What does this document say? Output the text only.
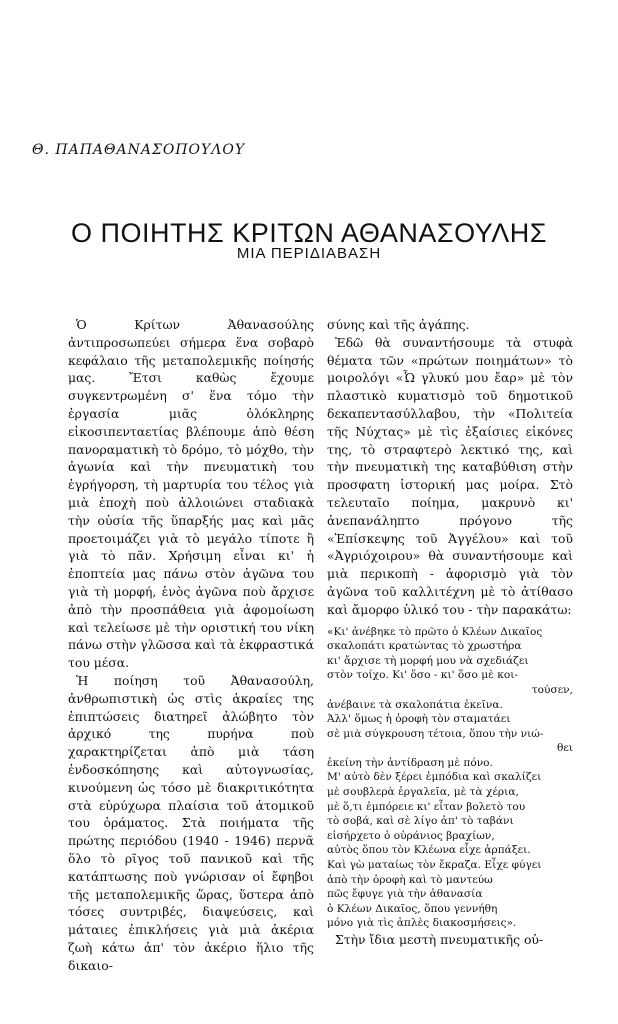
Θ. ΠΑΠΑΘΑΝΑΣΟΠΟΥΛΟΥ
Ο ΠΟΙΗΤΗΣ ΚΡΙΤΩΝ ΑΘΑΝΑΣΟΥΛΗΣ
ΜΙΑ ΠΕΡΙΔΙΑΒΑΣΗ

Ὁ Κρίτων Ἀθανασούλης ἀντιπροσωπεύει σήμερα ἕνα σοβαρὸ κεφάλαιο τῆς μεταπολεμικῆς ποίησής μας. Ἔτσι καθὼς ἔχουμε συγκεντρωμένη σ' ἕνα τόμο τὴν ἐργασία μιᾶς ὁλόκληρης εἰκοσιπενταετίας βλέπουμε ἀπὸ θέση πανοραματικὴ τὸ δρόμο, τὸ μόχθο, τὴν ἀγωνία καὶ τὴν πνευματικὴ του ἐγρήγορση, τὴ μαρτυρία του τέλος γιὰ μιὰ ἐποχὴ ποὺ ἀλλοιώνει σταδιακὰ τὴν οὐσία τῆς ὕπαρξής μας καὶ μᾶς προετοιμάζει γιὰ τὸ μεγάλο τίποτε ἢ γιὰ τὸ πᾶν. Χρήσιμη εἶναι κι' ἡ ἐποπτεία μας πάνω στὸν ἀγῶνα του γιὰ τὴ μορφή, ἑνὸς ἀγῶνα ποὺ ἄρχισε ἀπὸ τὴν προσπάθεια γιὰ ἀφομοίωση καὶ τελείωσε μὲ τὴν οριστική του νίκη πάνω στὴν γλῶσσα καὶ τὰ ἐκφραστικά του μέσα.

Ἡ ποίηση τοῦ Ἀθανασούλη, ἀνθρωπιστικὴ ὡς στὶς ἀκραίες της ἐπιπτώσεις διατηρεῖ ἀλώβητο τὸν ἀρχικό της πυρήνα ποὺ χαρακτηρίζεται ἀπὸ μιὰ τάση ἐνδοσκόπησης καὶ αὐτογνωσίας, κινούμενη ὡς τόσο μὲ διακριτικότητα στὰ εὐρύχωρα πλαίσια τοῦ ἀτομικοῦ του ὁράματος. Στὰ ποιήματα τῆς πρώτης περιόδου (1940 - 1946) περνᾶ ὅλο τὸ ρῖγος τοῦ πανικοῦ καὶ τῆς κατάπτωσης ποὺ γνώρισαν οἱ ἔφηβοι τῆς μεταπολεμικῆς ὥρας, ὕστερα ἀπὸ τόσες συντριβές, διαψεύσεις, καὶ μάταιες ἐπικλήσεις γιὰ μιὰ ἀκέρια ζωὴ κάτω ἀπ' τὸν ἀκέριο ἥλιο τῆς δικαιο-

σύνης καὶ τῆς ἀγάπης.

Ἐδῶ θὰ συναντήσουμε τὰ στυφὰ θέματα τῶν «πρώτων ποιημάτων» τὸ μοιρολόγι «Ὦ γλυκύ μου ἔαρ» μὲ τὸν πλαστικὸ κυματισμὸ τοῦ δημοτικοῦ δεκαπεντασύλλαβου, τὴν «Πολιτεία τῆς Νύχτας» μὲ τὶς ἐξαίσιες εἰκόνες της, τὸ στραφτερὸ λεκτικό της, καὶ τὴν πνευματικὴ της καταβύθιση στὴν προσφατη ἱστορική μας μοίρα. Στὸ τελευταῖο ποίημα, μακρυνὸ κι' ἀνεπανάληπτο πρόγονο τῆς «Ἐπίσκεψης τοῦ Ἀγγέλου» καὶ τοῦ «Ἀγριόχοιρου» θὰ συναντήσουμε καὶ μιὰ περικοπὴ - ἀφορισμὸ γιὰ τὸν ἀγῶνα τοῦ καλλιτέχνη μὲ τὸ ἀτίθασο καὶ ἄμορφο ὑλικό του - τὴν παρακάτω:

«Κι' ἀνέβηκε τὸ πρῶτο ὁ Κλέων Δικαῖος
σκαλοπάτι κρατώντας τὸ χρωστήρα
κι' ἄρχισε τὴ μορφή μου νὰ σχεδιάζει
στὸν τοίχο. Κι' ὅσο - κι' ὅσο μὲ κοι-
τούσεν,
ἀνέβαινε τὰ σκαλοπάτια ἐκεῖνα.
Ἀλλ' ὅμως ἡ ὀροφὴ τὸν σταματάει
σὲ μιὰ σύγκρουση τέτοια, ὅπου τὴν νιώ-
θει
ἐκείνη τὴν ἀντίδραση μὲ πόνο.
Μ' αὐτὸ δὲν ξέρει ἐμπόδια καὶ σκαλίζει
μὲ σουβλερὰ ἐργαλεῖα, μὲ τὰ χέρια,
μὲ ὅ,τι ἐμπόρειε κι' εἶταν βολετὸ του
τὸ σοβά, καὶ σὲ λίγο ἀπ' τὸ ταβάνι
εἰσήρχετο ὁ οὐράνιος βραχίων,
αὐτὸς ὅπου τὸν Κλέωνα εἶχε ἁρπάξει.
Καὶ γὼ ματαίως τὸν ἔκραζα. Εἶχε φύγει
ἀπὸ τὴν ὀροφὴ καὶ τὸ μαντεύω
πῶς ἔφυγε γιὰ τὴν ἀθανασία
ὁ Κλέων Δικαῖος, ὅπου γεννήθη
μόνο γιὰ τὶς ἁπλὲς διακοσμήσεις».

Στὴν ἴδια μεστὴ πνευματικῆς οὐ-
